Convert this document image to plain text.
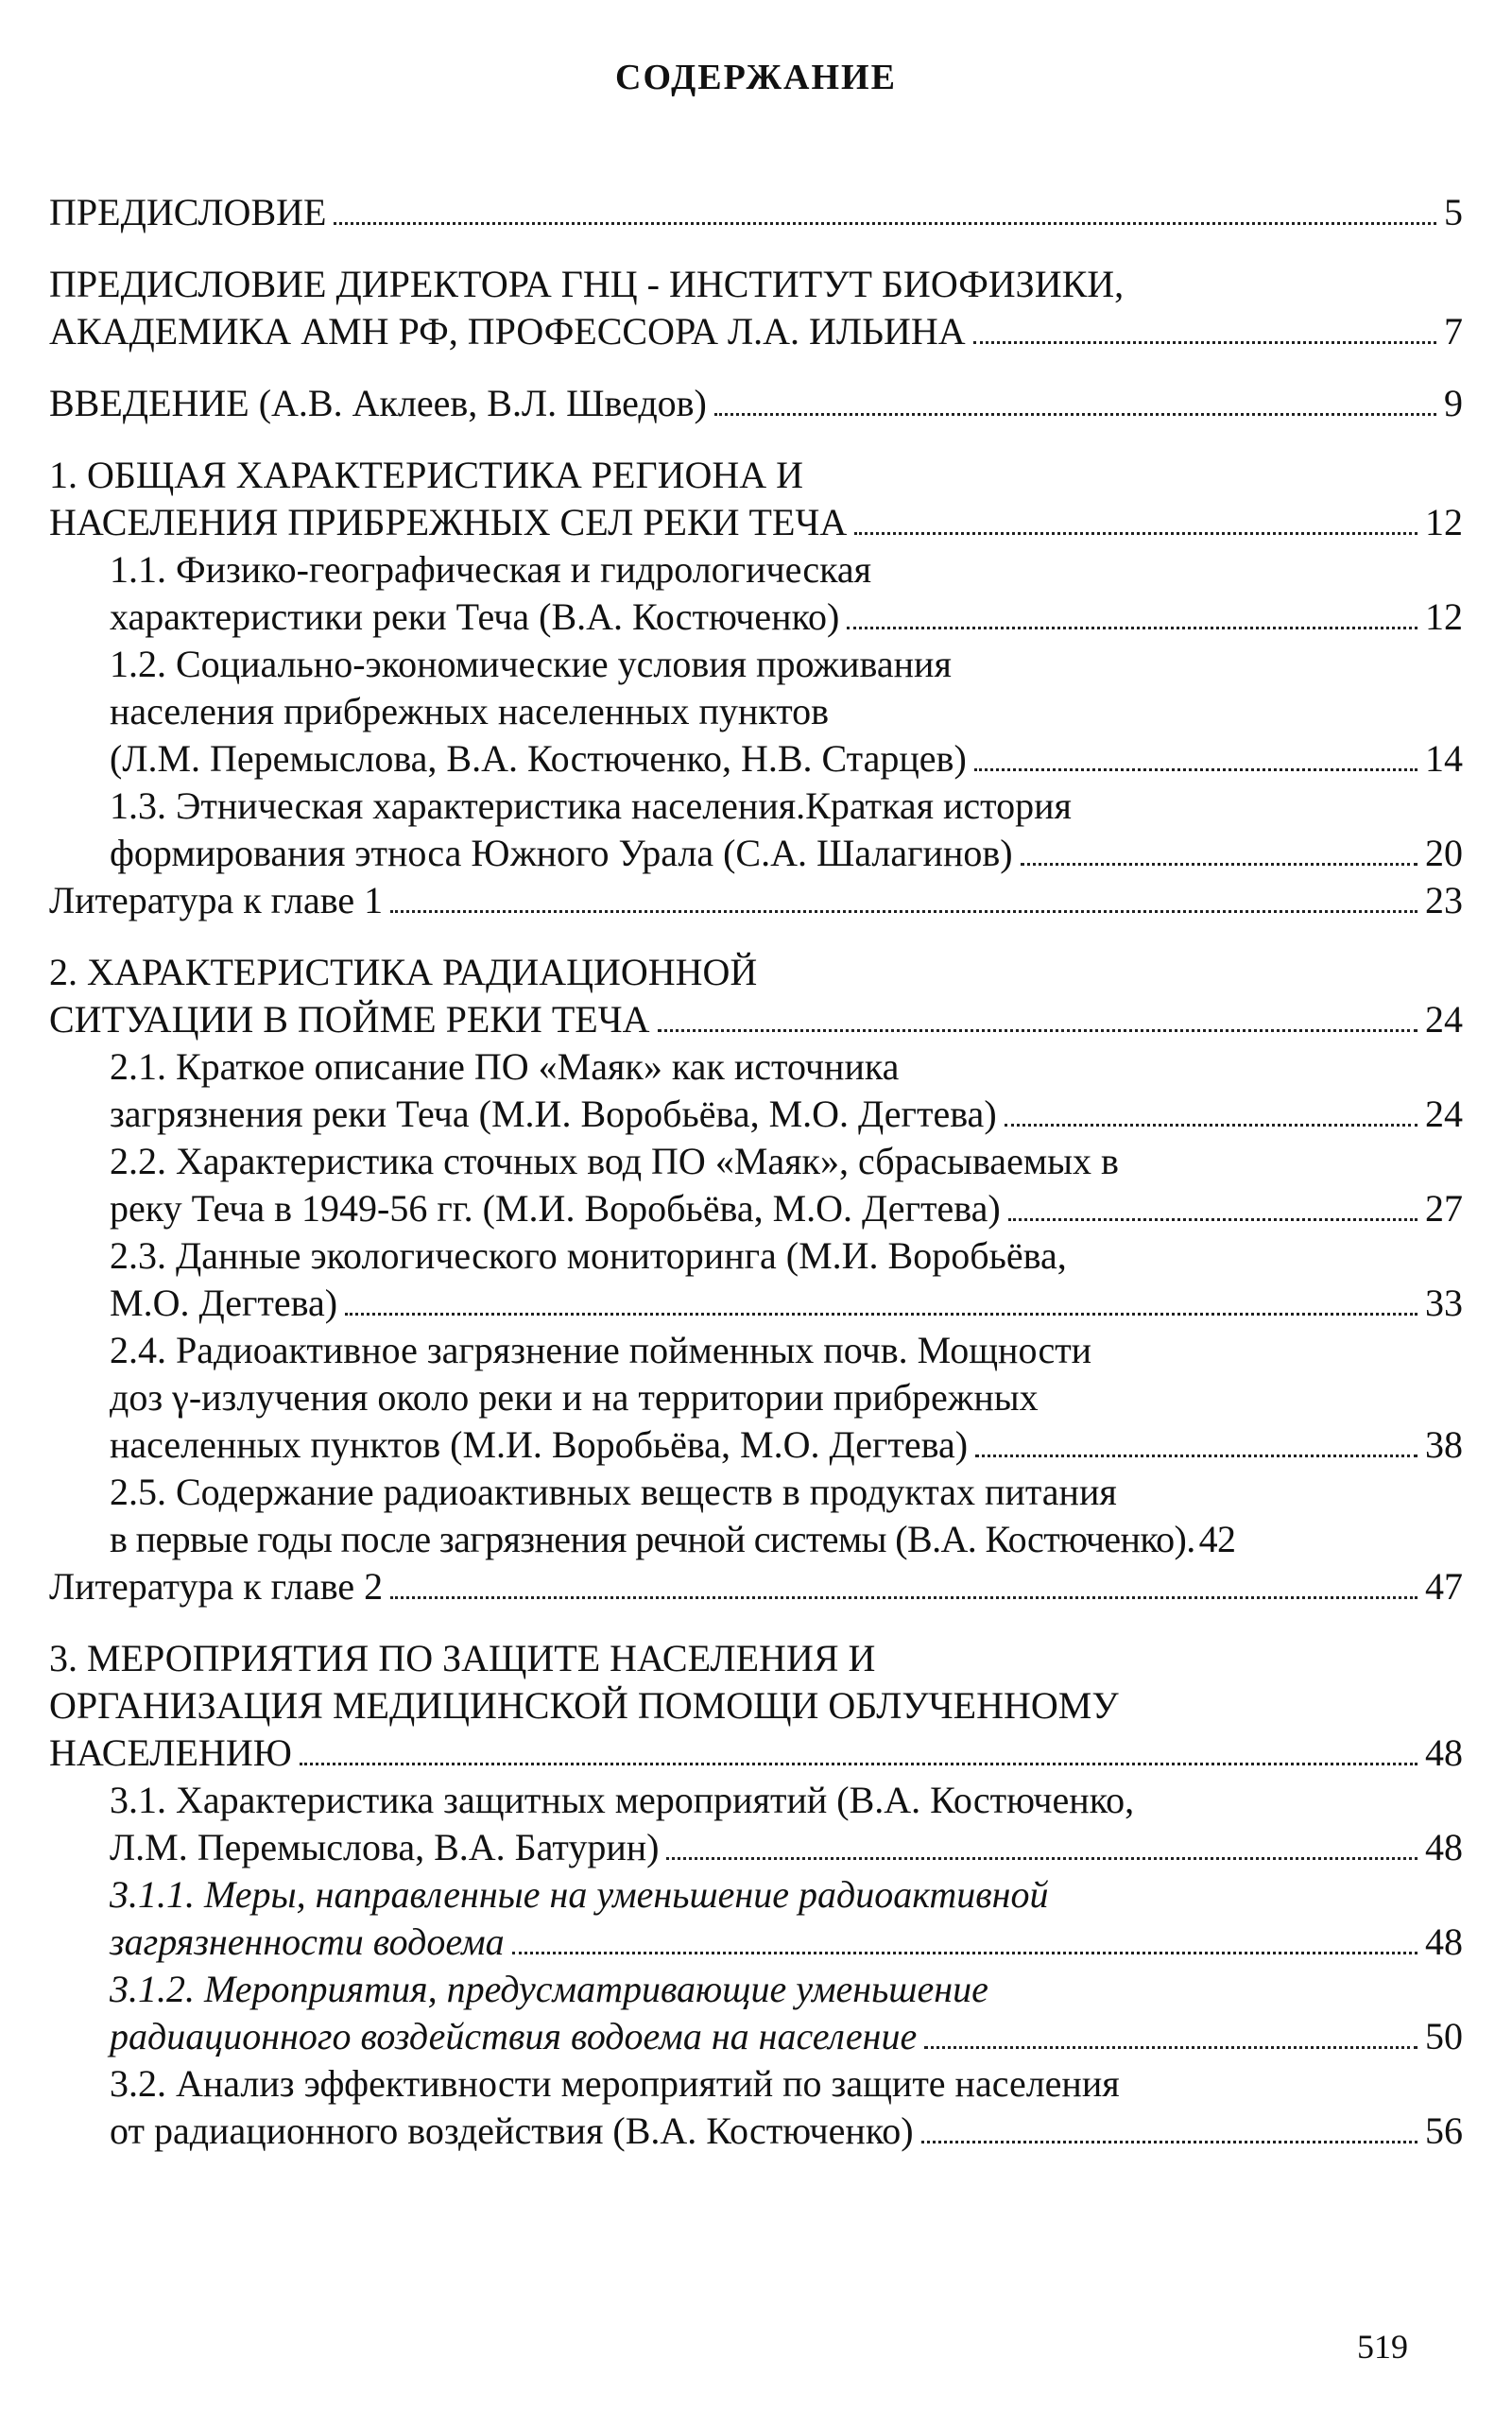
СОДЕРЖАНИЕ
ПРЕДИСЛОВИЕ	5
ПРЕДИСЛОВИЕ ДИРЕКТОРА ГНЦ - ИНСТИТУТ БИОФИЗИКИ,
АКАДЕМИКА АМН РФ, ПРОФЕССОРА Л.А. ИЛЬИНА	7
ВВЕДЕНИЕ (А.В. Аклеев, В.Л. Шведов)	9
1. ОБЩАЯ ХАРАКТЕРИСТИКА РЕГИОНА И
НАСЕЛЕНИЯ ПРИБРЕЖНЫХ СЕЛ РЕКИ ТЕЧА	12
1.1. Физико-географическая и гидрологическая
характеристики реки Теча (В.А. Костюченко)	12
1.2. Социально-экономические условия проживания
населения прибрежных населенных пунктов
(Л.М. Перемыслова, В.А. Костюченко, Н.В. Старцев)	14
1.3. Этническая характеристика населения.Краткая история
формирования этноса Южного Урала (С.А. Шалагинов)	20
Литература к главе 1	23
2. ХАРАКТЕРИСТИКА РАДИАЦИОННОЙ
СИТУАЦИИ В ПОЙМЕ РЕКИ ТЕЧА	24
2.1. Краткое описание ПО «Маяк» как источника
загрязнения реки Теча (М.И. Воробьёва, М.О. Дегтева)	24
2.2. Характеристика сточных вод ПО «Маяк», сбрасываемых в
реку Теча в 1949-56 гг. (М.И. Воробьёва, М.О. Дегтева)	27
2.3. Данные экологического мониторинга (М.И. Воробьёва,
М.О. Дегтева)	33
2.4. Радиоактивное загрязнение пойменных почв. Мощности
доз γ-излучения около реки и на территории прибрежных
населенных пунктов (М.И. Воробьёва, М.О. Дегтева)	38
2.5. Содержание радиоактивных веществ в продуктах питания
в первые годы после загрязнения речной системы (В.А. Костюченко). 42
Литература к главе 2	47
3. МЕРОПРИЯТИЯ ПО ЗАЩИТЕ НАСЕЛЕНИЯ И
ОРГАНИЗАЦИЯ МЕДИЦИНСКОЙ ПОМОЩИ ОБЛУЧЕННОМУ
НАСЕЛЕНИЮ	48
3.1. Характеристика защитных мероприятий (В.А. Костюченко,
Л.М. Перемыслова, В.А. Батурин)	48
3.1.1. Меры, направленные на уменьшение радиоактивной
загрязненности водоема	48
3.1.2. Мероприятия, предусматривающие уменьшение
радиационного воздействия водоема на население	50
3.2. Анализ эффективности мероприятий по защите населения
от радиационного воздействия (В.А. Костюченко)	56
519
